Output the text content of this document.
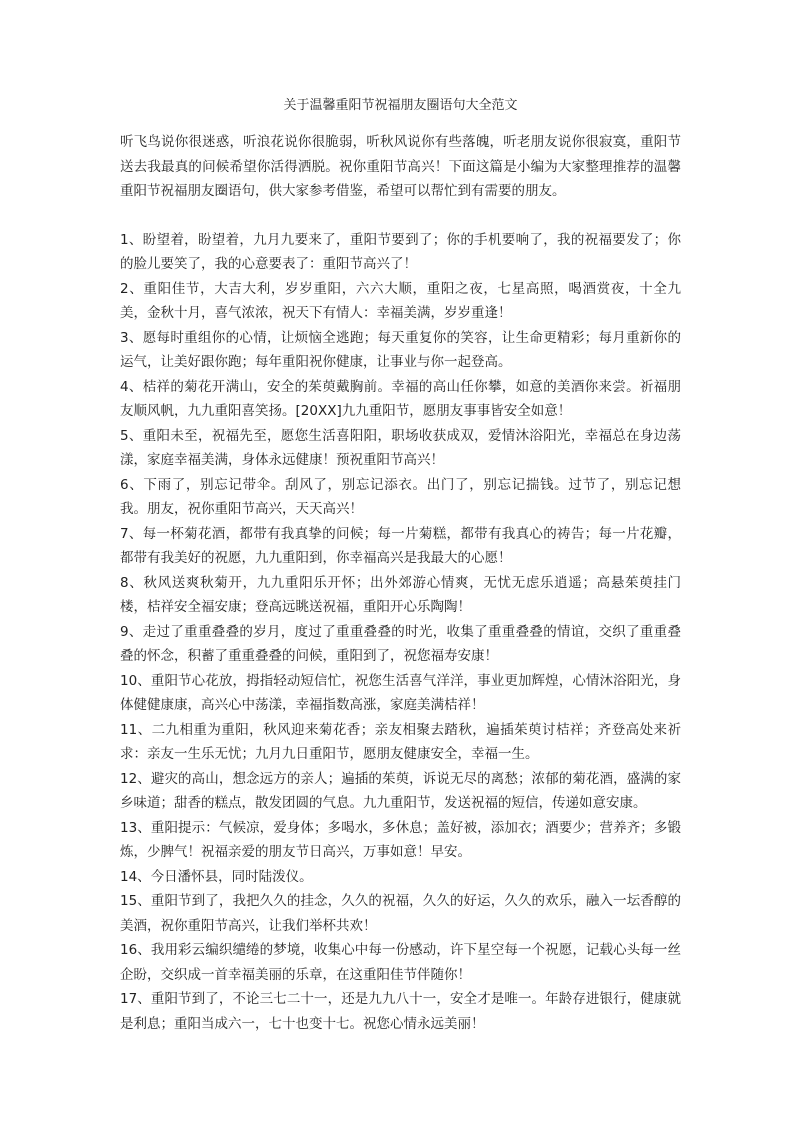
关于温馨重阳节祝福朋友圈语句大全范文

听飞鸟说你很迷惑，听浪花说你很脆弱，听秋风说你有些落魄，听老朋友说你很寂寞，重阳节送去我最真的问候希望你活得洒脱。祝你重阳节高兴！下面这篇是小编为大家整理推荐的温馨重阳节祝福朋友圈语句，供大家参考借鉴，希望可以帮忙到有需要的朋友。

1、盼望着，盼望着，九月九要来了，重阳节要到了；你的手机要响了，我的祝福要发了；你的脸儿要笑了，我的心意要表了：重阳节高兴了！

2、重阳佳节，大吉大利，岁岁重阳，六六大顺，重阳之夜，七星高照，喝酒赏夜，十全九美，金秋十月，喜气浓浓，祝天下有情人：幸福美满，岁岁重逢！

3、愿每时重组你的心情，让烦恼全逃跑；每天重复你的笑容，让生命更精彩；每月重新你的运气，让美好跟你跑；每年重阳祝你健康，让事业与你一起登高。

4、桔祥的菊花开满山，安全的茱萸戴胸前。幸福的高山任你攀，如意的美酒你来尝。祈福朋友顺风帆，九九重阳喜笑扬。[20XX]九九重阳节，愿朋友事事皆安全如意！

5、重阳未至，祝福先至，愿您生活喜阳阳，职场收获成双，爱情沐浴阳光，幸福总在身边荡漾，家庭幸福美满，身体永远健康！预祝重阳节高兴！

6、下雨了，别忘记带伞。刮风了，别忘记添衣。出门了，别忘记揣钱。过节了，别忘记想我。朋友，祝你重阳节高兴，天天高兴！

7、每一杯菊花酒，都带有我真挚的问候；每一片菊糕，都带有我真心的祷告；每一片花瓣，都带有我美好的祝愿，九九重阳到，你幸福高兴是我最大的心愿！

8、秋风送爽秋菊开，九九重阳乐开怀；出外郊游心情爽，无忧无虑乐逍遥；高悬茱萸挂门楼，桔祥安全福安康；登高远眺送祝福，重阳开心乐陶陶！

9、走过了重重叠叠的岁月，度过了重重叠叠的时光，收集了重重叠叠的情谊，交织了重重叠叠的怀念，积蓄了重重叠叠的问候，重阳到了，祝您福寿安康！

10、重阳节心花放，拇指轻动短信忙，祝您生活喜气洋洋，事业更加辉煌，心情沐浴阳光，身体健健康康，高兴心中荡漾，幸福指数高涨，家庭美满桔祥！

11、二九相重为重阳，秋风迎来菊花香；亲友相聚去踏秋，遍插茱萸讨桔祥；齐登高处来祈求：亲友一生乐无忧；九月九日重阳节，愿朋友健康安全，幸福一生。

12、避灾的高山，想念远方的亲人；遍插的茱萸，诉说无尽的离愁；浓郁的菊花酒，盛满的家乡味道；甜香的糕点，散发团圆的气息。九九重阳节，发送祝福的短信，传递如意安康。

13、重阳提示：气候凉，爱身体；多喝水，多休息；盖好被，添加衣；酒要少；营养齐；多锻炼，少脾气！祝福亲爱的朋友节日高兴，万事如意！早安。

14、今日潘怀县，同时陆泼仪。

15、重阳节到了，我把久久的挂念，久久的祝福，久久的好运，久久的欢乐，融入一坛香醇的美酒，祝你重阳节高兴，让我们举杯共欢！

16、我用彩云编织缱绻的梦境，收集心中每一份感动，许下星空每一个祝愿，记载心头每一丝企盼，交织成一首幸福美丽的乐章，在这重阳佳节伴随你！

17、重阳节到了，不论三七二十一，还是九九八十一，安全才是唯一。年龄存进银行，健康就是利息；重阳当成六一，七十也变十七。祝您心情永远美丽！
